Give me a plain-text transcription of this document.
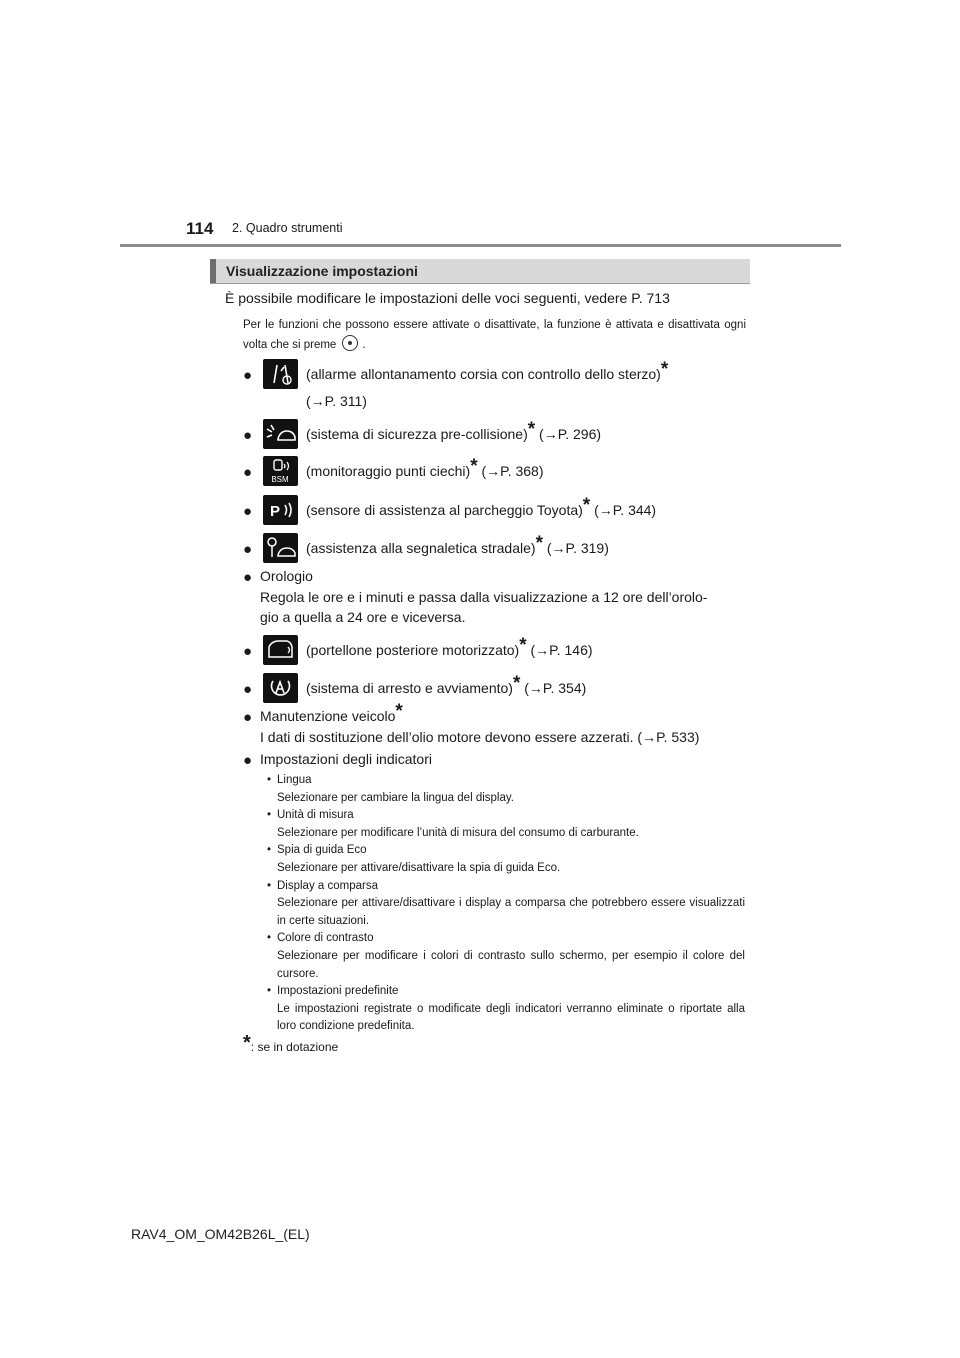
114 2. Quadro strumenti
Visualizzazione impostazioni
È possibile modificare le impostazioni delle voci seguenti, vedere P. 713
Per le funzioni che possono essere attivate o disattivate, la funzione è attivata e disattivata ogni volta che si preme .
●	(allarme allontanamento corsia con controllo dello sterzo)*
(→P. 311)
●	(sistema di sicurezza pre-collisione)* (→P. 296)
● BSM
(monitoraggio punti ciechi)* (→P. 368)
● P (sensore di assistenza al parcheggio Toyota)* (→P. 344)
●	(assistenza alla segnaletica stradale)* (→P. 319)
● Orologio
Regola le ore e i minuti e passa dalla visualizzazione a 12 ore dell’orolo-
gio a quella a 24 ore e viceversa.
●	(portellone posteriore motorizzato)* (→P. 146)
●	(sistema di arresto e avviamento)* (→P. 354)
● Manutenzione veicolo*
I dati di sostituzione dell’olio motore devono essere azzerati. (→P. 533)
● Impostazioni degli indicatori
• Lingua
Selezionare per cambiare la lingua del display.
• Unità di misura
Selezionare per modificare l’unità di misura del consumo di carburante.
• Spia di guida Eco
Selezionare per attivare/disattivare la spia di guida Eco.
• Display a comparsa
Selezionare per attivare/disattivare i display a comparsa che potrebbero essere visualizzati in certe situazioni.
• Colore di contrasto
Selezionare per modificare i colori di contrasto sullo schermo, per esempio il colore del cursore.
• Impostazioni predefinite
Le impostazioni registrate o modificate degli indicatori verranno eliminate o riportate alla loro condizione predefinita.
*: se in dotazione
RAV4_OM_OM42B26L_(EL)
